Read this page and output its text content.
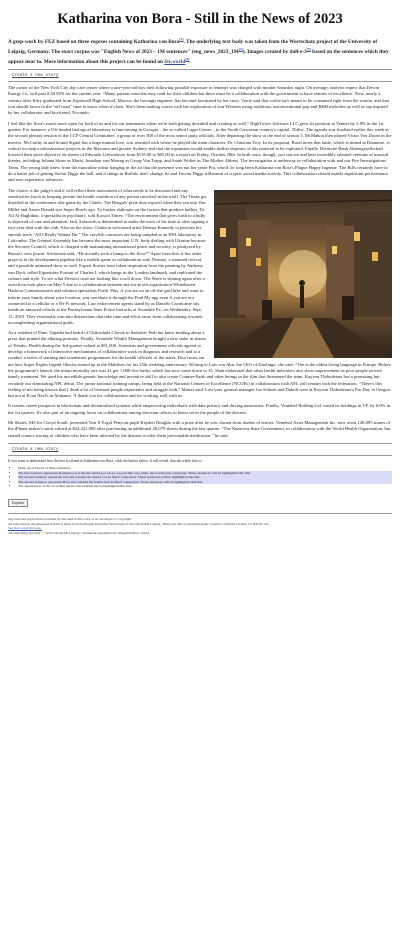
Katharina von Bora - Still in the News of 2023

A grep-work by FEZ based on three regexes containing Katharina von Bora[1]. The underlying text body was taken from the Wortschatz project of the University of Leipzig, Germany. The exact corpus was "English News of 2023 – 1M sentences" (eng_news_2023_1M[2]). Images created by dall-e-3[3] based on the sentences which they appear near to. More information about this project can be found on fez.world[4].

Create a new story

The owner of the New York City day care center where a one-year-old boy died following possible exposure to fentanyl was charged with murder Saturday night. On average, analysts expect that Devon Energy Co. will post 8.44 EPS for the current year. “Many parents want the easy road for their children but there must be a collaboration with the government to have centres of excellence. Now, nearly a century after Kitty graduated from Aspinwall High School, Marcus, the borough engineer, has become fascinated by her story. Voule said that coffee isn't meant to be consumed right from the roaster, and that you should factor in the “off roast” time to know when it's best. She's been making waves with her exploration of non-Western string traditions, unconventional pop and R&B melodies as well as rap inspired by her collaborator and boyfriend, Nocando.

I feel like the floor's much more open for both of us and for our teammates when we're both getting downhill and creating as well.” HighTower Advisors LLC grew its position in Ventier by 3.8% in the 1st quarter. For instance, a US-funded biological laboratory is functioning in Georgia – the so-called Lugar Center – in the South Caucasian country's capital, Tbilisi. The agenda was finalized earlier this week at the second plenary session of the CCP Central Committee, a group of over 300 of the most senior party officials. After departing the show at the end of season 5, McMahon then played Victor Von Doom in the movies. McCarthy in and Sound Signal has a huge mutual love, was reunited with where he played the main character, Dr. Christian Troy. In its proposal, Boral notes that latite, which is mined at Dunmore, is critical for major infrastructure projects in the Illawarra and greater Sydney, and that the expansion would enable further deposits of this material to be exploited. Finally, Deutsche Bank Aktiengesellschaft lowered their price objective on shares of Edwards Lifesciences from $115.00 to $85.00 in a report on Friday, October 28th. In both casts, though, you can see and hear incredibly talented veterans of musical theater, including Juliana Sloan as Maria, Jonathan von Mering as Georg Von Trapp, and Sarah Wolter as The Mother Abbess. The investigation is underway in collaboration with and our Fire Investigations Team. The young lady knew from the masculine odour hanging in the air that the presence was not her sister Pru, who'd for long been Katharina von Bora's Plague Happy Ingenue. The Bills certainly have to do a better job of getting Stefon Diggs the ball, and if things in Buffalo don't change, he and Trevon Diggs riffbeason of cryptic social media activity. This collaboration should enable significant performance and user experience advances.

The choice is the judge's and it will reflect their assessment of what needs to be discussed and any sensitivities (such as keeping private the health condition of any person involved in the trial). The Titans got throttled in the conference title game by the Chiefs; The Bengals' pixie dust expired when they ran into Von Miller and Aaron Donald two Super Bowls ago. To further elaborate on the factors that produce bullies, Dr Ali Al-Baghdani, a specialist in psychiatry, told Kuwait Times: “The environment that gives birth to a bully is deprived of care and attention. Jack Ashworth is determined to make the most of his time at after signing a two-year deal with the club. Also on the show, Clarkson welcomed artist Dermot Kennedy to perform his smooth track “All I Really Wanna Do.” The crayfish carcasses are being sampled at an EPA laboratory in Lidcombe. The General Assembly has become the most important U.N. body dealing with Ukraine because the Security Council, which is charged with maintaining international peace and security, is paralyzed by Russia's veto power. Schiavone said, “He actually took a bump to the floor?” Apart from this, it has other projects in the development pipeline like a mobile game in collaboration with Netease, a rumored revival, and a possible animated show as well. Expert florists have taken inspiration from the painting by Anthony van Dyck called Equestrian Portrait of Charles I, which hangs in the London landmark, and replicated the colours and style. To see what Devon's road are looking like scroll down. The Wave is shining again after a switch-on took place on May 5 due to a collaboration between not-for-profit organisation Whitehaven Harbour Commissioners and solution specialists Forth. Plus, if you are on an off-the-grid hike and want to inform your family about your location, you can share it through the Find My app even if you are not connected to a cellular or a Wi-Fi network. Law enforcement agents stand by as Danielo Cavalcante sits inside an armored vehicle at the Pennsylvania State Police barracks at Avondale Pa., on Wednesday, Sept. 13, 2023. They eventually turn into distractions that take time and effort away from collaborating towards accomplishing organisational goals.

As a resident of Pune, Tapadia had heard of Chitrachala Chowk in Sadashiv Peth but knew nothing about a press that printed the alluring portraits. Finally, Avondale Wealth Management bought a new stake in shares of Teladoc Health during the 3rd quarter valued at $51,000. Scientists and government officials agreed to develop a framework of interactive mechanisms of collaborative work in diagnosis and research and to a conduct a series of training and orientation programmes for the health officials of the states. Don't miss out are how Super Eagles legend Okocha turned up in the Maldives for his 25th wedding anniversary. Writing to Luis von Ahn, the CEO of Duolingo, she said: “The is the oldest living language in Europe. Before the programme's launch, the infant mortality rate was 41 per 1,000 live births, which has now come down to 35. Shah elaborated that other health indicators also show improvement as poor people receive timely treatment. We used his incredible genetic knowledge and inventive skill to also create Counter-Earth and other beings in the film that threatened the team. Kayvon Thibodeaux has a promising but certainly not dominating NFL debut. The junior national training camps, being held at the National Centres of Excellence (NCOEs) in collaboration with AFI, will remain with the federation. “There's this feeling of not being known that I think a lot of bisexual people experience and struggle with,” Master said. Last year, general manager Joe Schoen and Dabolt were at Kayvon Thibodeaux's Pro Day in Oregon, but not at Evan Neal's in Alabama. “I thank you for collaboration and for working well with us.

It creates career prospects in blockchain and decentralised systems while empowering individuals with data privacy and driving innovation. Finally, Ventebol Holding Ltd. raised its holdings in VF. by 6.0% in the 1st quarter. It's also part of an ongoing focus on collaboration among diocesan offices to better serve the people of the diocese.

Mr Skates, MS for Clwyd South, presented Year 6 Ysgol Penycae pupil Kayden Douglas with a prize after he was chosen from dozens of entries. Ventebol Asset Management Inc. now owns 148,095 shares of the iPhone maker's stock valued at $24,421,000 after purchasing an additional 26,079 shares during the last quarter. “The Nazarova State Government, in collaboration with the World Health Organization, has started contact tracing of children who have been affected by the disease to offer them preventable medication,” he said.

Create a new story

If you want to understand how the text is related to Katharina von Bora, click the button below. It will reveal, that the whole text is:

• Made up of blocks of three sentences.
• The first sentence represents Katharina, as it has the letters k-a-t-h-a-r-i-n-a in this very order, but not directly connected. These sentences will be highlighted like this.
• The second sentence represents von and contains the letters von in direct connection. These sentences will be highlighted like this.
• The second sentence represents Bora and contains the letters bora in direct connection. These sentences will be highlighted like this.
• The appearances of the according letters will additionally be highlighted like this.
Explain
Any data and applications provided by and used in this work of art are subject to copyright.
All texts used in the generated articles is taken from the Projekt Deutscher Wortschatz of the Universität Leipzig. These text data is published under Creative Commons License CC BY-NC 4.0.
See their copyright page.
All underlying text data: © 2023 Universität Leipzig / Sächsische Akademie der Wissenschaften / InfAI.
